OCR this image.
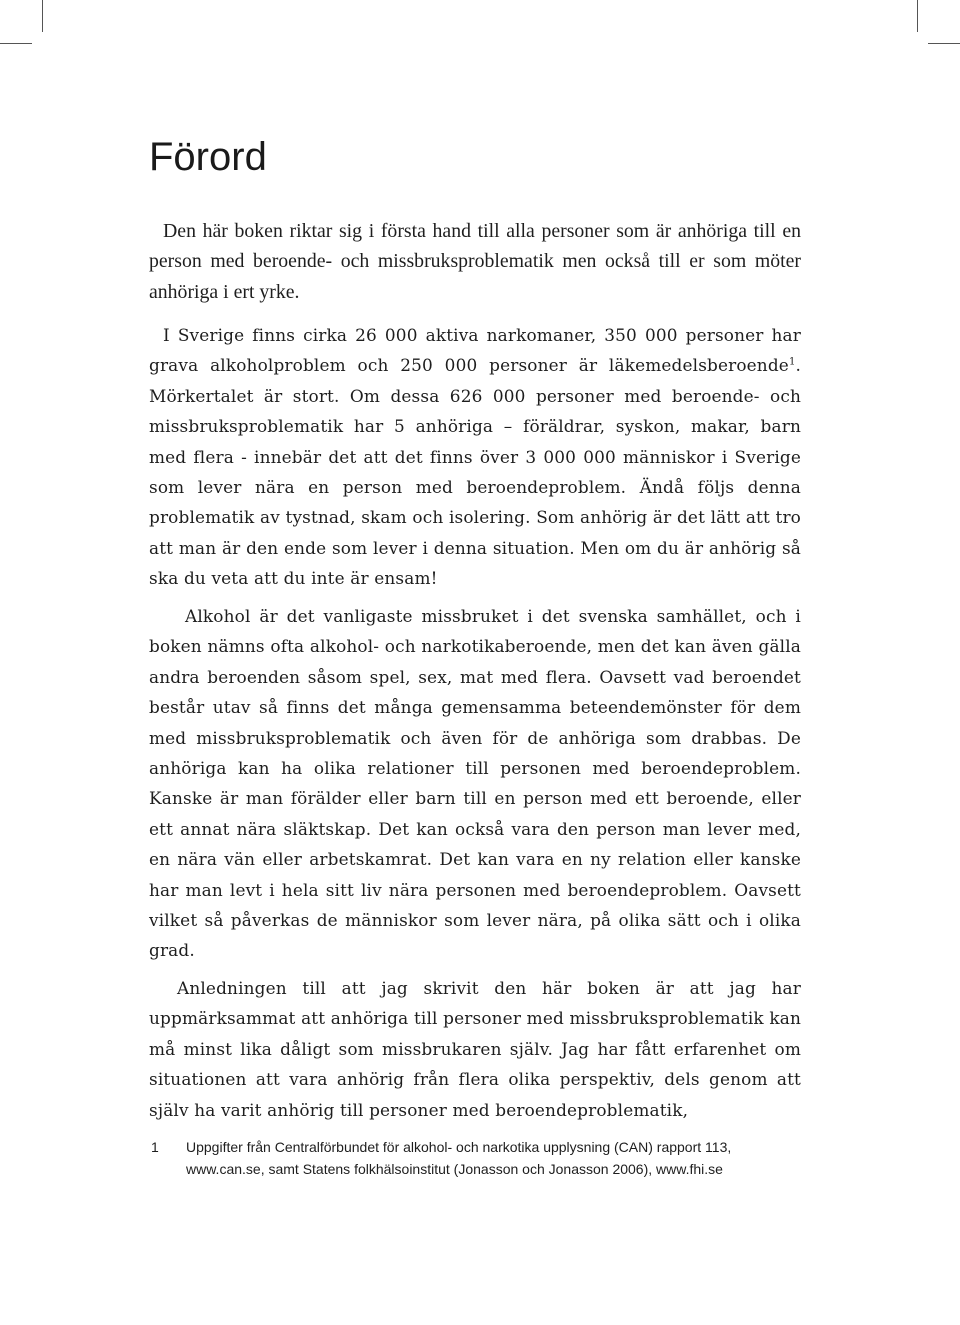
Förord

Den här boken riktar sig i första hand till alla personer som är anhöriga till en person med beroende- och missbruksproblematik men också till er som möter anhöriga i ert yrke.

I Sverige finns cirka 26 000 aktiva narkomaner, 350 000 personer har grava alkoholproblem och 250 000 personer är läkemedelsberoende$^1$. Mörkertalet är stort. Om dessa 626 000 personer med beroende- och missbruksproblematik har 5 anhöriga – föräldrar, syskon, makar, barn med flera - innebär det att det finns över 3 000 000 människor i Sverige som lever nära en person med beroendeproblem. Ändå följs denna problematik av tystnad, skam och isolering. Som anhörig är det lätt att tro att man är den ende som lever i denna situation. Men om du är anhörig så ska du veta att du inte är ensam!

Alkohol är det vanligaste missbruket i det svenska samhället, och i boken nämns ofta alkohol- och narkotikaberoende, men det kan även gälla andra beroenden såsom spel, sex, mat med flera. Oavsett vad beroendet består utav så finns det många gemensamma beteendemönster för dem med missbruksproblematik och även för de anhöriga som drabbas. De anhöriga kan ha olika relationer till personen med beroendeproblem. Kanske är man förälder eller barn till en person med ett beroende, eller ett annat nära släktskap. Det kan också vara den person man lever med, en nära vän eller arbetskamrat. Det kan vara en ny relation eller kanske har man levt i hela sitt liv nära personen med beroendeproblem. Oavsett vilket så påverkas de människor som lever nära, på olika sätt och i olika grad.

Anledningen till att jag skrivit den här boken är att jag har uppmärksammat att anhöriga till personer med missbruksproblematik kan må minst lika dåligt som missbrukaren själv. Jag har fått erfarenhet om situationen att vara anhörig från flera olika perspektiv, dels genom att själv ha varit anhörig till personer med beroendeproblematik,

1 Uppgifter från Centralförbundet för alkohol- och narkotika upplysning (CAN) rapport 113, www.can.se, samt Statens folkhälsoinstitut (Jonasson och Jonasson 2006), www.fhi.se
